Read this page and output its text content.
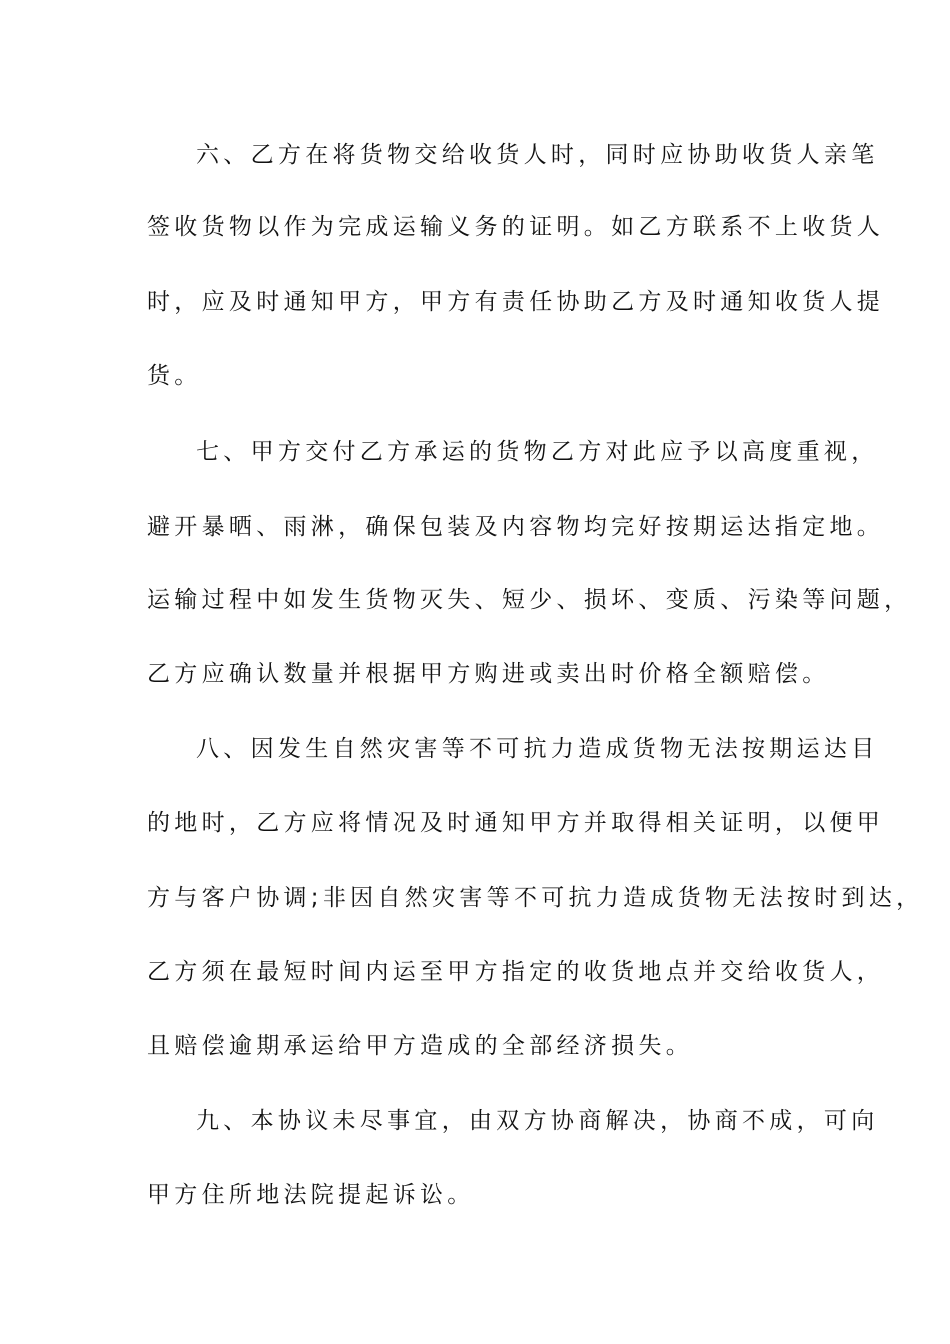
六、乙方在将货物交给收货人时，同时应协助收货人亲笔
签收货物以作为完成运输义务的证明。如乙方联系不上收货人
时，应及时通知甲方，甲方有责任协助乙方及时通知收货人提
货。
七、甲方交付乙方承运的货物乙方对此应予以高度重视，
避开暴晒、雨淋，确保包装及内容物均完好按期运达指定地。
运输过程中如发生货物灭失、短少、损坏、变质、污染等问题，
乙方应确认数量并根据甲方购进或卖出时价格全额赔偿。
八、因发生自然灾害等不可抗力造成货物无法按期运达目
的地时，乙方应将情况及时通知甲方并取得相关证明，以便甲
方与客户协调;非因自然灾害等不可抗力造成货物无法按时到达，
乙方须在最短时间内运至甲方指定的收货地点并交给收货人，
且赔偿逾期承运给甲方造成的全部经济损失。
九、本协议未尽事宜，由双方协商解决，协商不成，可向
甲方住所地法院提起诉讼。
